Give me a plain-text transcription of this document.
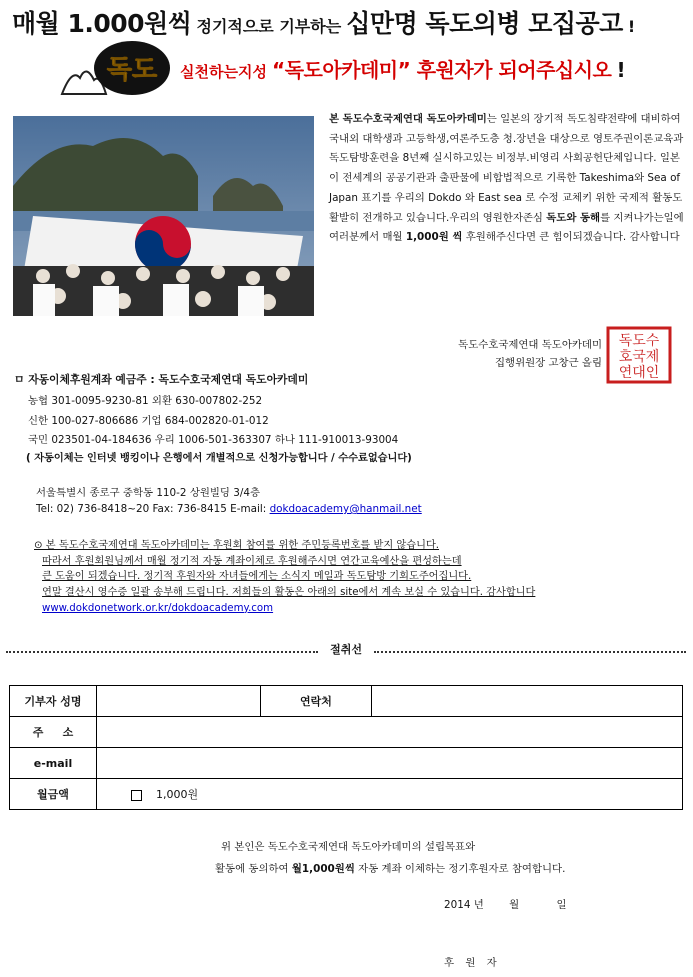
매월 1.000원씩 정기적으로 기부하는 십만명 독도의병 모집공고 !
독도 실천하는지성 “독도아카데미” 후원자가 되어주십시오 !
본 독도수호국제연대 독도아카데미는 일본의 장기적 독도침략전략에 대비하여 국내외 대학생과 고등학생,여론주도층 청.장년을 대상으로 영토주권이론교육과 독도탐방훈련을 8년째 실시하고있는 비정부.비영리 사회공헌단체입니다. 일본이 전세계의 공공기관과 출판물에 비합법적으로 기록한 Takeshima와 Sea of Japan 표기를 우리의 Dokdo 와 East sea 로 수정 교체키 위한 국제적 활동도 활발히 전개하고 있습니다.우리의 영원한자존심 독도와 동해를 지켜나가는일에 여러분께서 매월 1,000원 씩 후원해주신다면 큰 힘이되겠습니다. 감사합니다
독도수호국제연대 독도아카데미
집행위원장 고창근 올림
독도수
호국제
연대인
ㅁ 자동이체후원계좌 예금주 : 독도수호국제연대 독도아카데미
농협 301-0095-9230-81 외환 630-007802-252
신한 100-027-806686 기업 684-002820-01-012
국민 023501-04-184636 우리 1006-501-363307 하나 111-910013-93004
( 자동이체는 인터넷 뱅킹이나 은행에서 개별적으로 신청가능합니다 / 수수료없습니다)
서울특별시 종로구 중학동 110-2 상원빌딩 3/4층
Tel: 02) 736-8418~20 Fax: 736-8415 E-mail: dokdoacademy@hanmail.net
⊙ 본 독도수호국제연대 독도아카데미는 후원회 참여를 위한 주민등록번호를 받지 않습니다.
따라서 후원회원님께서 매월 정기적 자동 계좌이체로 후원해주시면 연간교육예산을 편성하는데
큰 도움이 되겠습니다. 정기적 후원자와 자녀들에게는 소식지 메일과 독도탐방 기회도주어집니다.
연말 결산시 영수증 일괄 송부해 드립니다. 저희들의 활동은 아래의 site에서 계속 보실 수 있습니다. 감사합니다
www.dokdonetwork.or.kr/dokdoacademy.com
절취선
기부자 성명		연락처	
주     소			
e-mail			
월금액	1,000원		
위 본인은 독도수호국제연대 독도아카데미의 설립목표와
활동에 동의하여 월1,000원씩 자동 계좌 이체하는 정기후원자로 참여합니다.
2014 년 월	일
후 원 자
